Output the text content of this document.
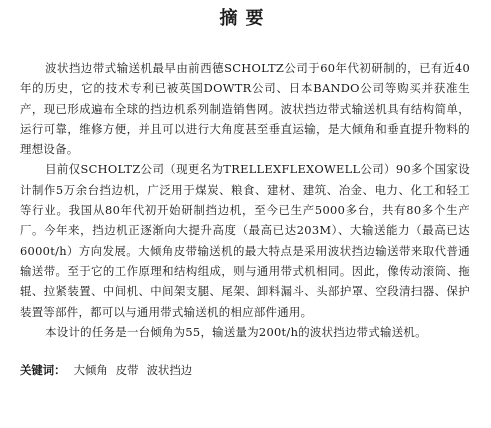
摘要

波状挡边带式输送机最早由前西德SCHOLTZ公司于60年代初研制的，已有近40年的历史，它的技术专利已被英国DOWTR公司、日本BANDO公司等购买并获准生产，现已形成遍布全球的挡边机系列制造销售网。波状挡边带式输送机具有结构简单，运行可靠，维修方便，并且可以进行大角度甚至垂直运输，是大倾角和垂直提升物料的理想设备。

目前仅SCHOLTZ公司（现更名为TRELLEXFLEXOWELL公司）90多个国家设计制作5万余台挡边机，广泛用于煤炭、粮食、建材、建筑、冶金、电力、化工和轻工等行业。我国从80年代初开始研制挡边机，至今已生产5000多台，共有80多个生产厂。今年来，挡边机正逐渐向大提升高度（最高已达203M）、大输送能力（最高已达6000t/h）方向发展。大倾角皮带输送机的最大特点是采用波状挡边输送带来取代普通输送带。至于它的工作原理和结构组成，则与通用带式机相同。因此，像传动滚筒、拖辊、拉紧装置、中间机、中间架支腿、尾架、卸料漏斗、头部护罩、空段清扫器、保护装置等部件，都可以与通用带式输送机的相应部件通用。

本设计的任务是一台倾角为55，输送量为200t/h的波状挡边带式输送机。

关键词： 大倾角 皮带 波状挡边
